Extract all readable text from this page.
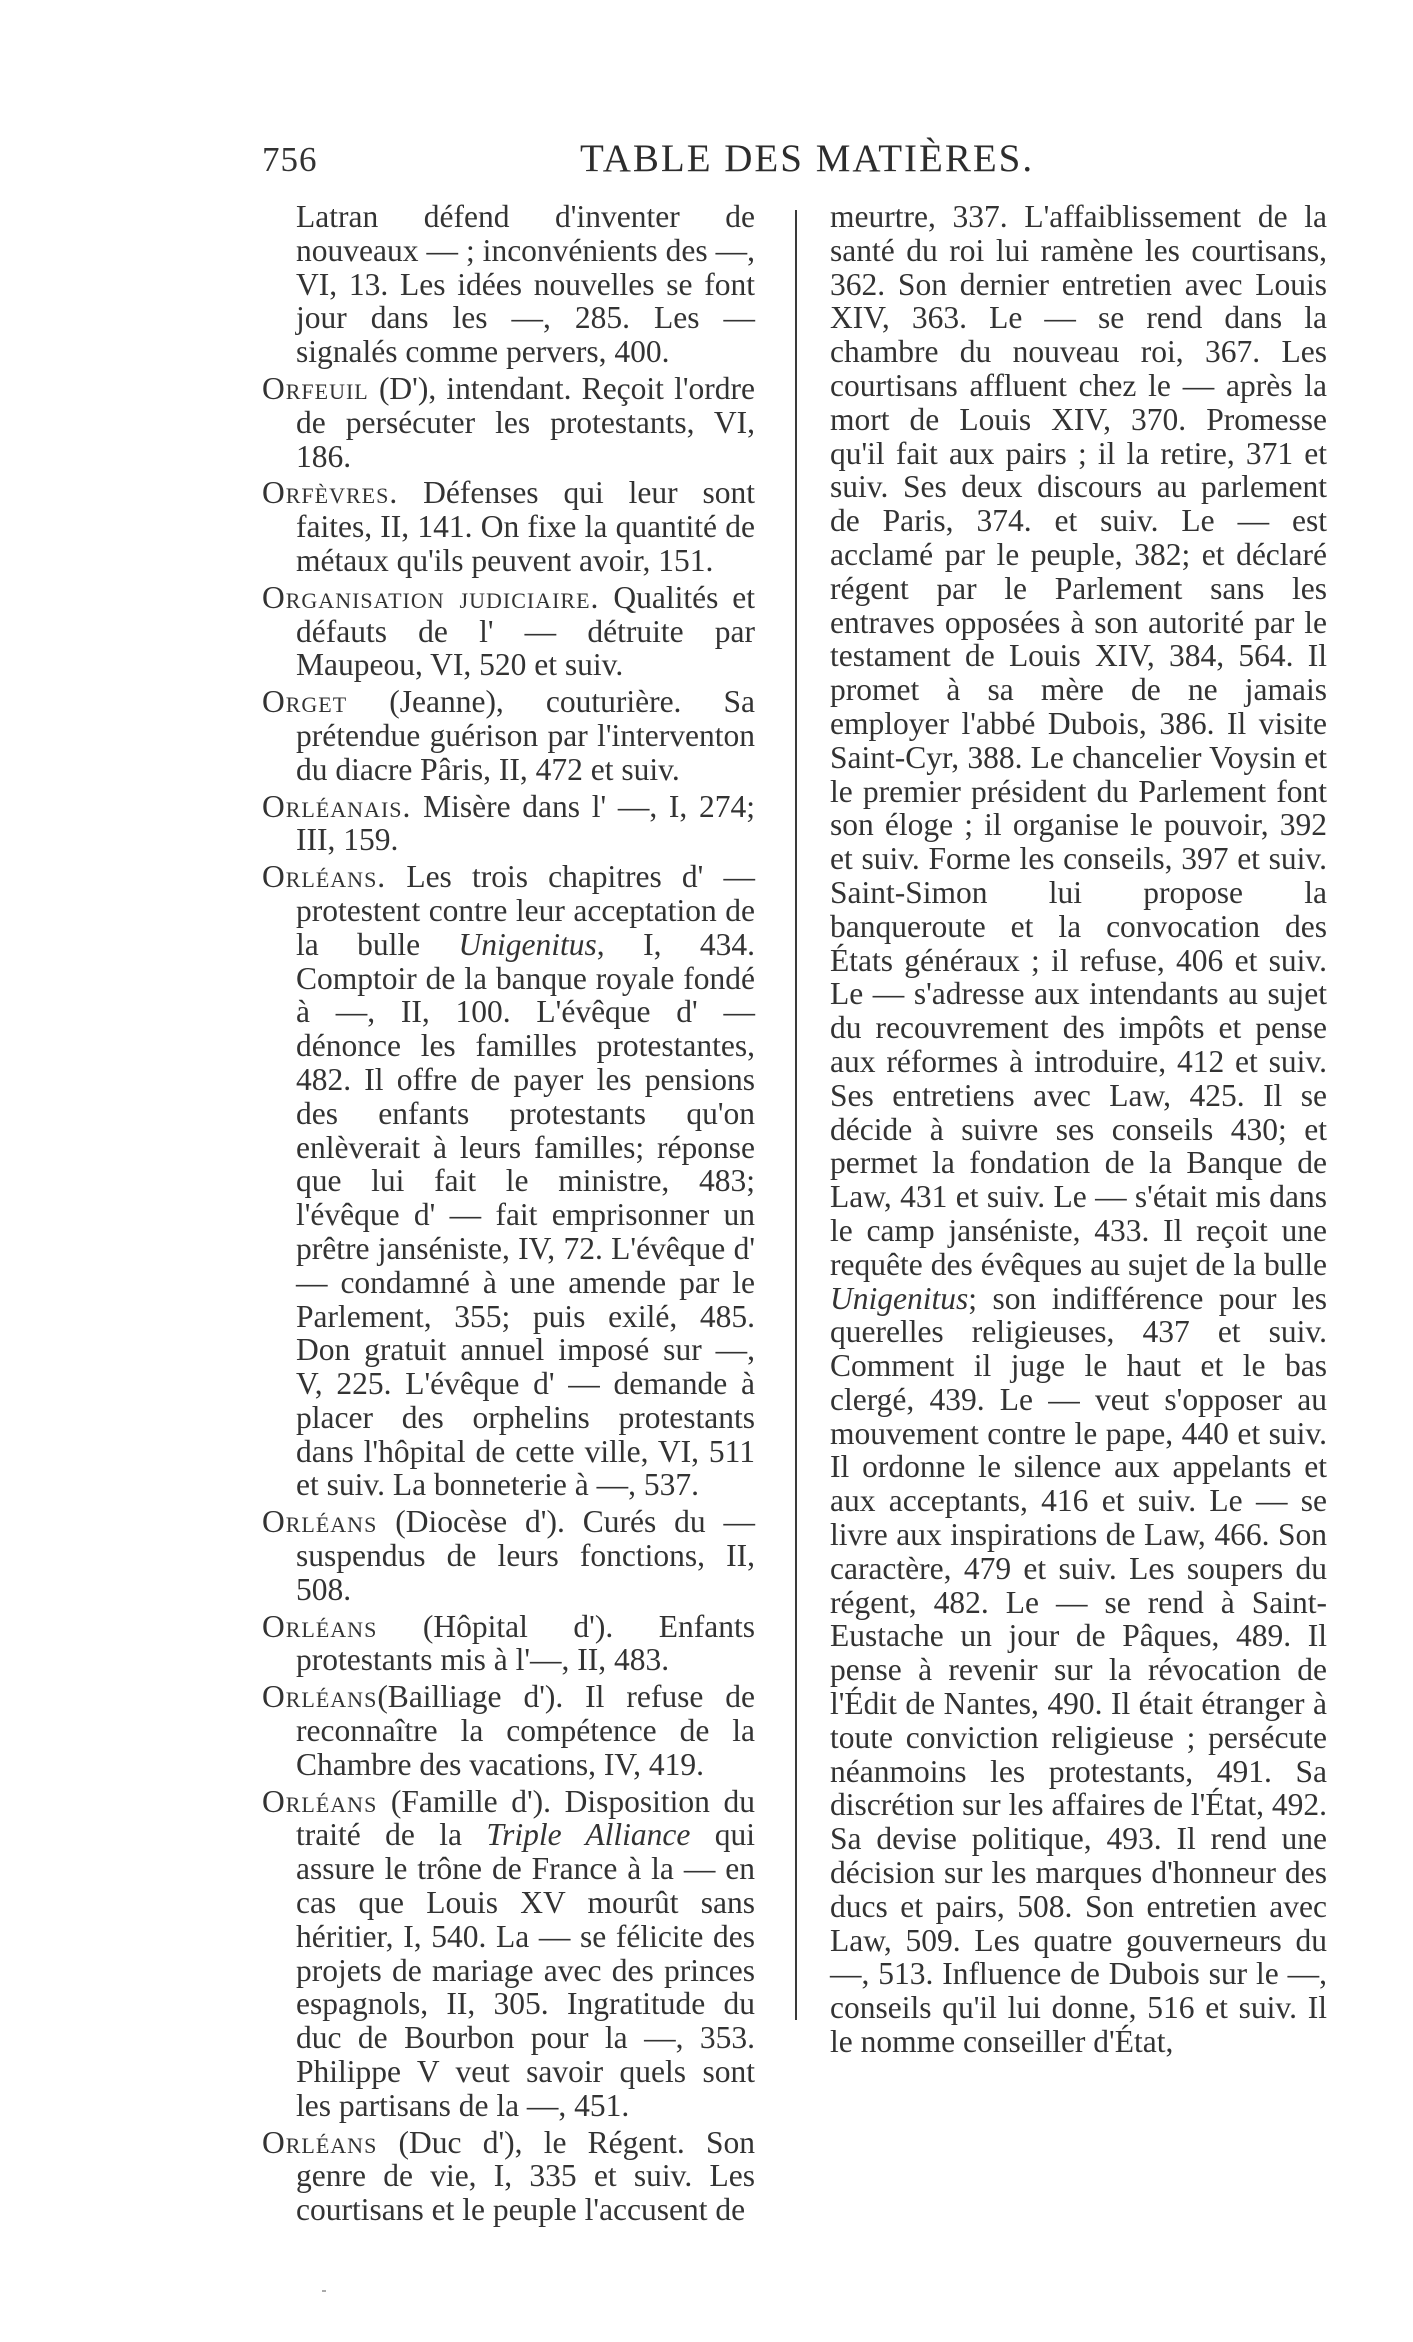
756	TABLE DES MATIÈRES.

Latran défend d'inventer de nouveaux — ; inconvénients des —, VI, 13. Les idées nouvelles se font jour dans les —, 285. Les — signalés comme pervers, 400.

Orfeuil (D'), intendant. Reçoit l'ordre de persécuter les protestants, VI, 186.

Orfèvres. Défenses qui leur sont faites, II, 141. On fixe la quantité de métaux qu'ils peuvent avoir, 151.

Organisation judiciaire. Qualités et défauts de l' — détruite par Maupeou, VI, 520 et suiv.

Orget (Jeanne), couturière. Sa prétendue guérison par l'interventon du diacre Pâris, II, 472 et suiv.

Orléanais. Misère dans l' —, I, 274; III, 159.

Orléans. Les trois chapitres d' — protestent contre leur acceptation de la bulle Unigenitus, I, 434. Comptoir de la banque royale fondé à —, II, 100. L'évêque d' — dénonce les familles protestantes, 482. Il offre de payer les pensions des enfants protestants qu'on enlèverait à leurs familles; réponse que lui fait le ministre, 483; l'évêque d' — fait emprisonner un prêtre janséniste, IV, 72. L'évêque d' — condamné à une amende par le Parlement, 355; puis exilé, 485. Don gratuit annuel imposé sur —, V, 225. L'évêque d' — demande à placer des orphelins protestants dans l'hôpital de cette ville, VI, 511 et suiv. La bonneterie à —, 537.

Orléans (Diocèse d'). Curés du — suspendus de leurs fonctions, II, 508.

Orléans (Hôpital d'). Enfants protestants mis à l'—, II, 483.

Orléans(Bailliage d'). Il refuse de reconnaître la compétence de la Chambre des vacations, IV, 419.

Orléans (Famille d'). Disposition du traité de la Triple Alliance qui assure le trône de France à la — en cas que Louis XV mourût sans héritier, I, 540. La — se félicite des projets de mariage avec des princes espagnols, II, 305. Ingratitude du duc de Bourbon pour la —, 353. Philippe V veut savoir quels sont les partisans de la —, 451.

Orléans (Duc d'), le Régent. Son genre de vie, I, 335 et suiv. Les courtisans et le peuple l'accusent de

meurtre, 337. L'affaiblissement de la santé du roi lui ramène les courtisans, 362. Son dernier entretien avec Louis XIV, 363. Le — se rend dans la chambre du nouveau roi, 367. Les courtisans affluent chez le — après la mort de Louis XIV, 370. Promesse qu'il fait aux pairs ; il la retire, 371 et suiv. Ses deux discours au parlement de Paris, 374. et suiv. Le — est acclamé par le peuple, 382; et déclaré régent par le Parlement sans les entraves opposées à son autorité par le testament de Louis XIV, 384, 564. Il promet à sa mère de ne jamais employer l'abbé Dubois, 386. Il visite Saint-Cyr, 388. Le chancelier Voysin et le premier président du Parlement font son éloge ; il organise le pouvoir, 392 et suiv. Forme les conseils, 397 et suiv. Saint-Simon lui propose la banqueroute et la convocation des États généraux ; il refuse, 406 et suiv. Le — s'adresse aux intendants au sujet du recouvrement des impôts et pense aux réformes à introduire, 412 et suiv. Ses entretiens avec Law, 425. Il se décide à suivre ses conseils 430; et permet la fondation de la Banque de Law, 431 et suiv. Le — s'était mis dans le camp janséniste, 433. Il reçoit une requête des évêques au sujet de la bulle Unigenitus; son indifférence pour les querelles religieuses, 437 et suiv. Comment il juge le haut et le bas clergé, 439. Le — veut s'opposer au mouvement contre le pape, 440 et suiv. Il ordonne le silence aux appelants et aux acceptants, 416 et suiv. Le — se livre aux inspirations de Law, 466. Son caractère, 479 et suiv. Les soupers du régent, 482. Le — se rend à Saint-Eustache un jour de Pâques, 489. Il pense à revenir sur la révocation de l'Édit de Nantes, 490. Il était étranger à toute conviction religieuse ; persécute néanmoins les protestants, 491. Sa discrétion sur les affaires de l'État, 492. Sa devise politique, 493. Il rend une décision sur les marques d'honneur des ducs et pairs, 508. Son entretien avec Law, 509. Les quatre gouverneurs du —, 513. Influence de Dubois sur le —, conseils qu'il lui donne, 516 et suiv. Il le nomme conseiller d'État,
